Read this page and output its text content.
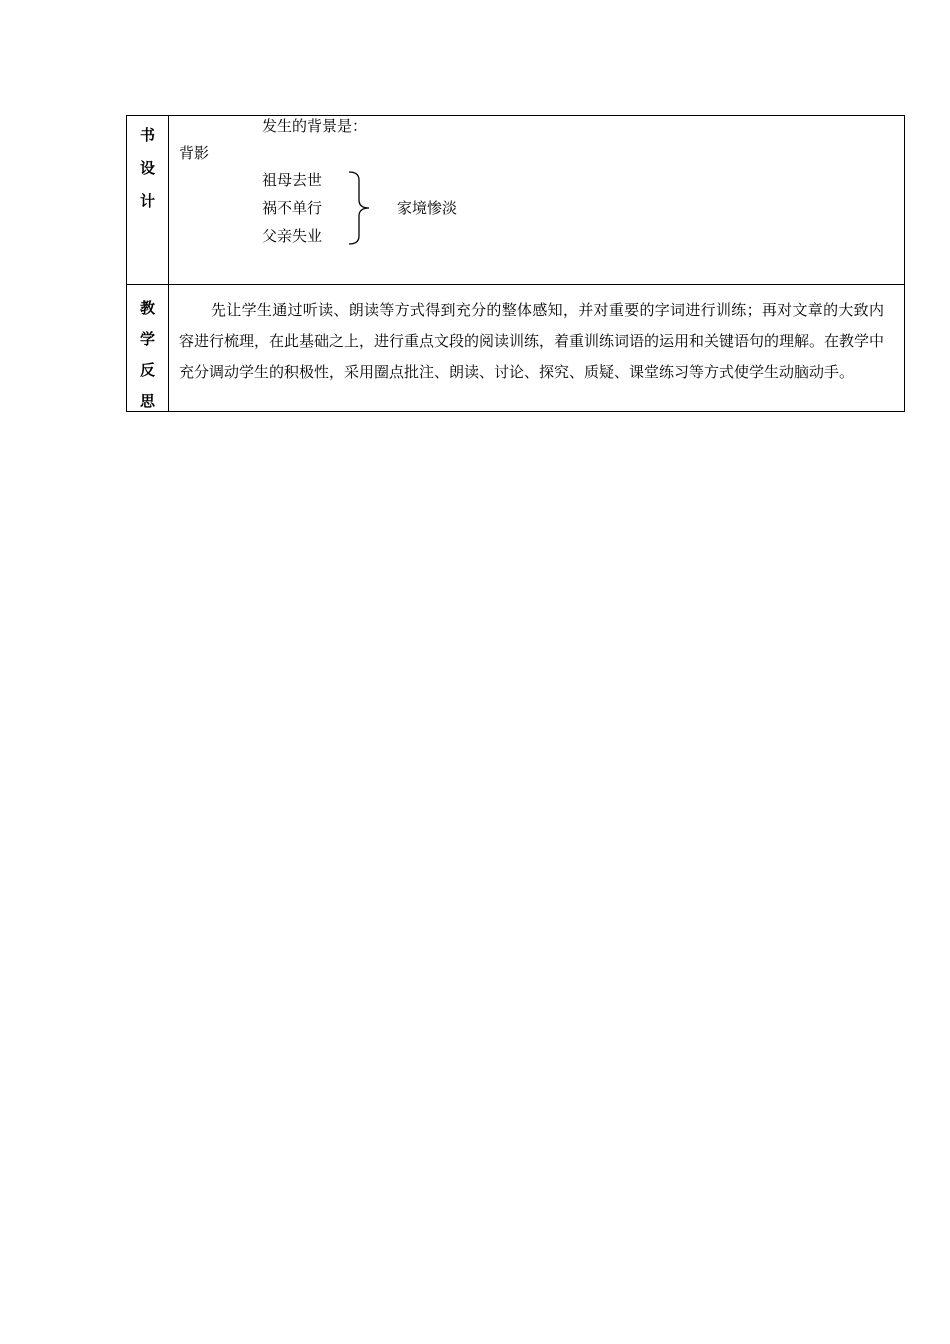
书
设
计
发生的背景是：
背影
祖母去世
祸不单行
父亲失业
家境惨淡
教
学
反
思

先让学生通过听读、朗读等方式得到充分的整体感知，并对重要的字词进行训练；再对文章的大致内容进行梳理，在此基础之上，进行重点文段的阅读训练，着重训练词语的运用和关键语句的理解。在教学中充分调动学生的积极性，采用圈点批注、朗读、讨论、探究、质疑、课堂练习等方式使学生动脑动手。
